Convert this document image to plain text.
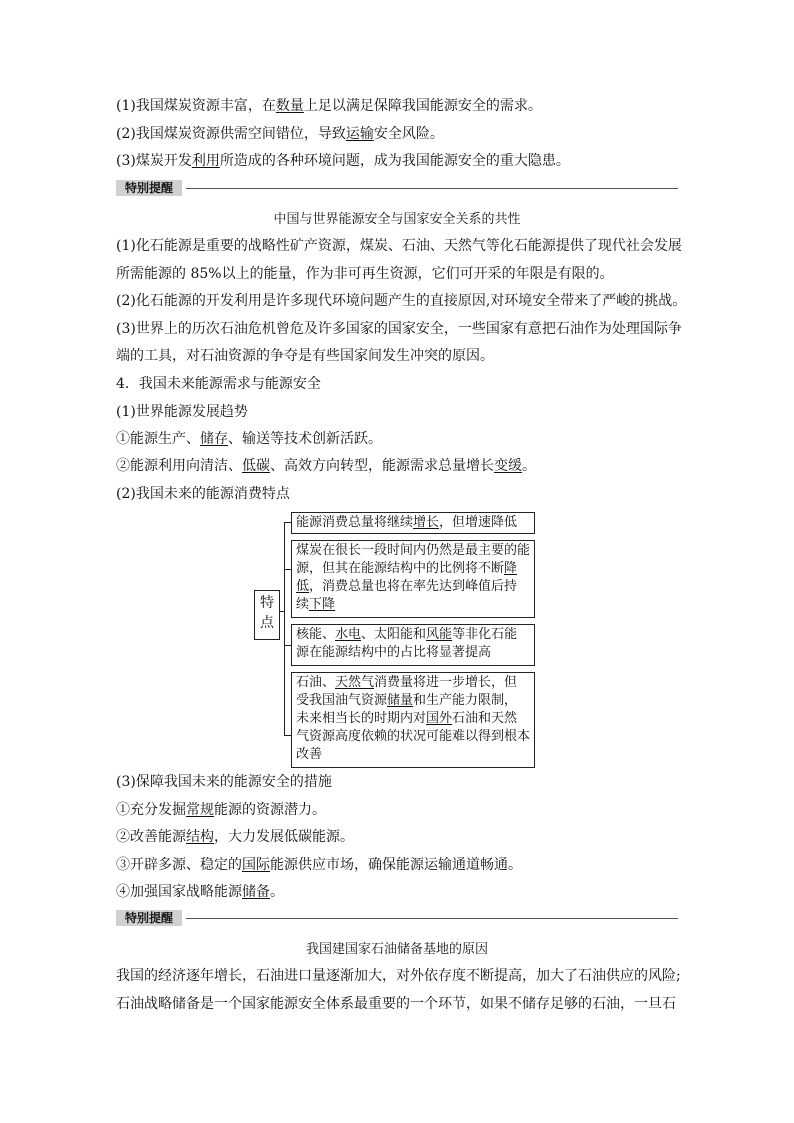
(1)我国煤炭资源丰富，在数量上足以满足保障我国能源安全的需求。
(2)我国煤炭资源供需空间错位，导致运输安全风险。
(3)煤炭开发利用所造成的各种环境问题，成为我国能源安全的重大隐患。
特别提醒
中国与世界能源安全与国家安全关系的共性
(1)化石能源是重要的战略性矿产资源，煤炭、石油、天然气等化石能源提供了现代社会发展
所需能源的 85%以上的能量，作为非可再生资源，它们可开采的年限是有限的。
(2)化石能源的开发利用是许多现代环境问题产生的直接原因,对环境安全带来了严峻的挑战。
(3)世界上的历次石油危机曾危及许多国家的国家安全，一些国家有意把石油作为处理国际争
端的工具，对石油资源的争夺是有些国家间发生冲突的原因。
4．我国未来能源需求与能源安全
(1)世界能源发展趋势
①能源生产、储存、输送等技术创新活跃。
②能源利用向清洁、低碳、高效方向转型，能源需求总量增长变缓。
(2)我国未来的能源消费特点
特
点
能源消费总量将继续增长，但增速降低
煤炭在很长一段时间内仍然是最主要的能源，但其在能源结构中的比例将不断降低，消费总量也将在率先达到峰值后持续下降
核能、水电、太阳能和风能等非化石能源在能源结构中的占比将显著提高
石油、天然气消费量将进一步增长，但受我国油气资源储量和生产能力限制，未来相当长的时期内对国外石油和天然气资源高度依赖的状况可能难以得到根本改善
(3)保障我国未来的能源安全的措施
①充分发掘常规能源的资源潜力。
②改善能源结构，大力发展低碳能源。
③开辟多源、稳定的国际能源供应市场，确保能源运输通道畅通。
④加强国家战略能源储备。
特别提醒
我国建国家石油储备基地的原因
我国的经济逐年增长，石油进口量逐渐加大，对外依存度不断提高，加大了石油供应的风险;
石油战略储备是一个国家能源安全体系最重要的一个环节，如果不储存足够的石油，一旦石
